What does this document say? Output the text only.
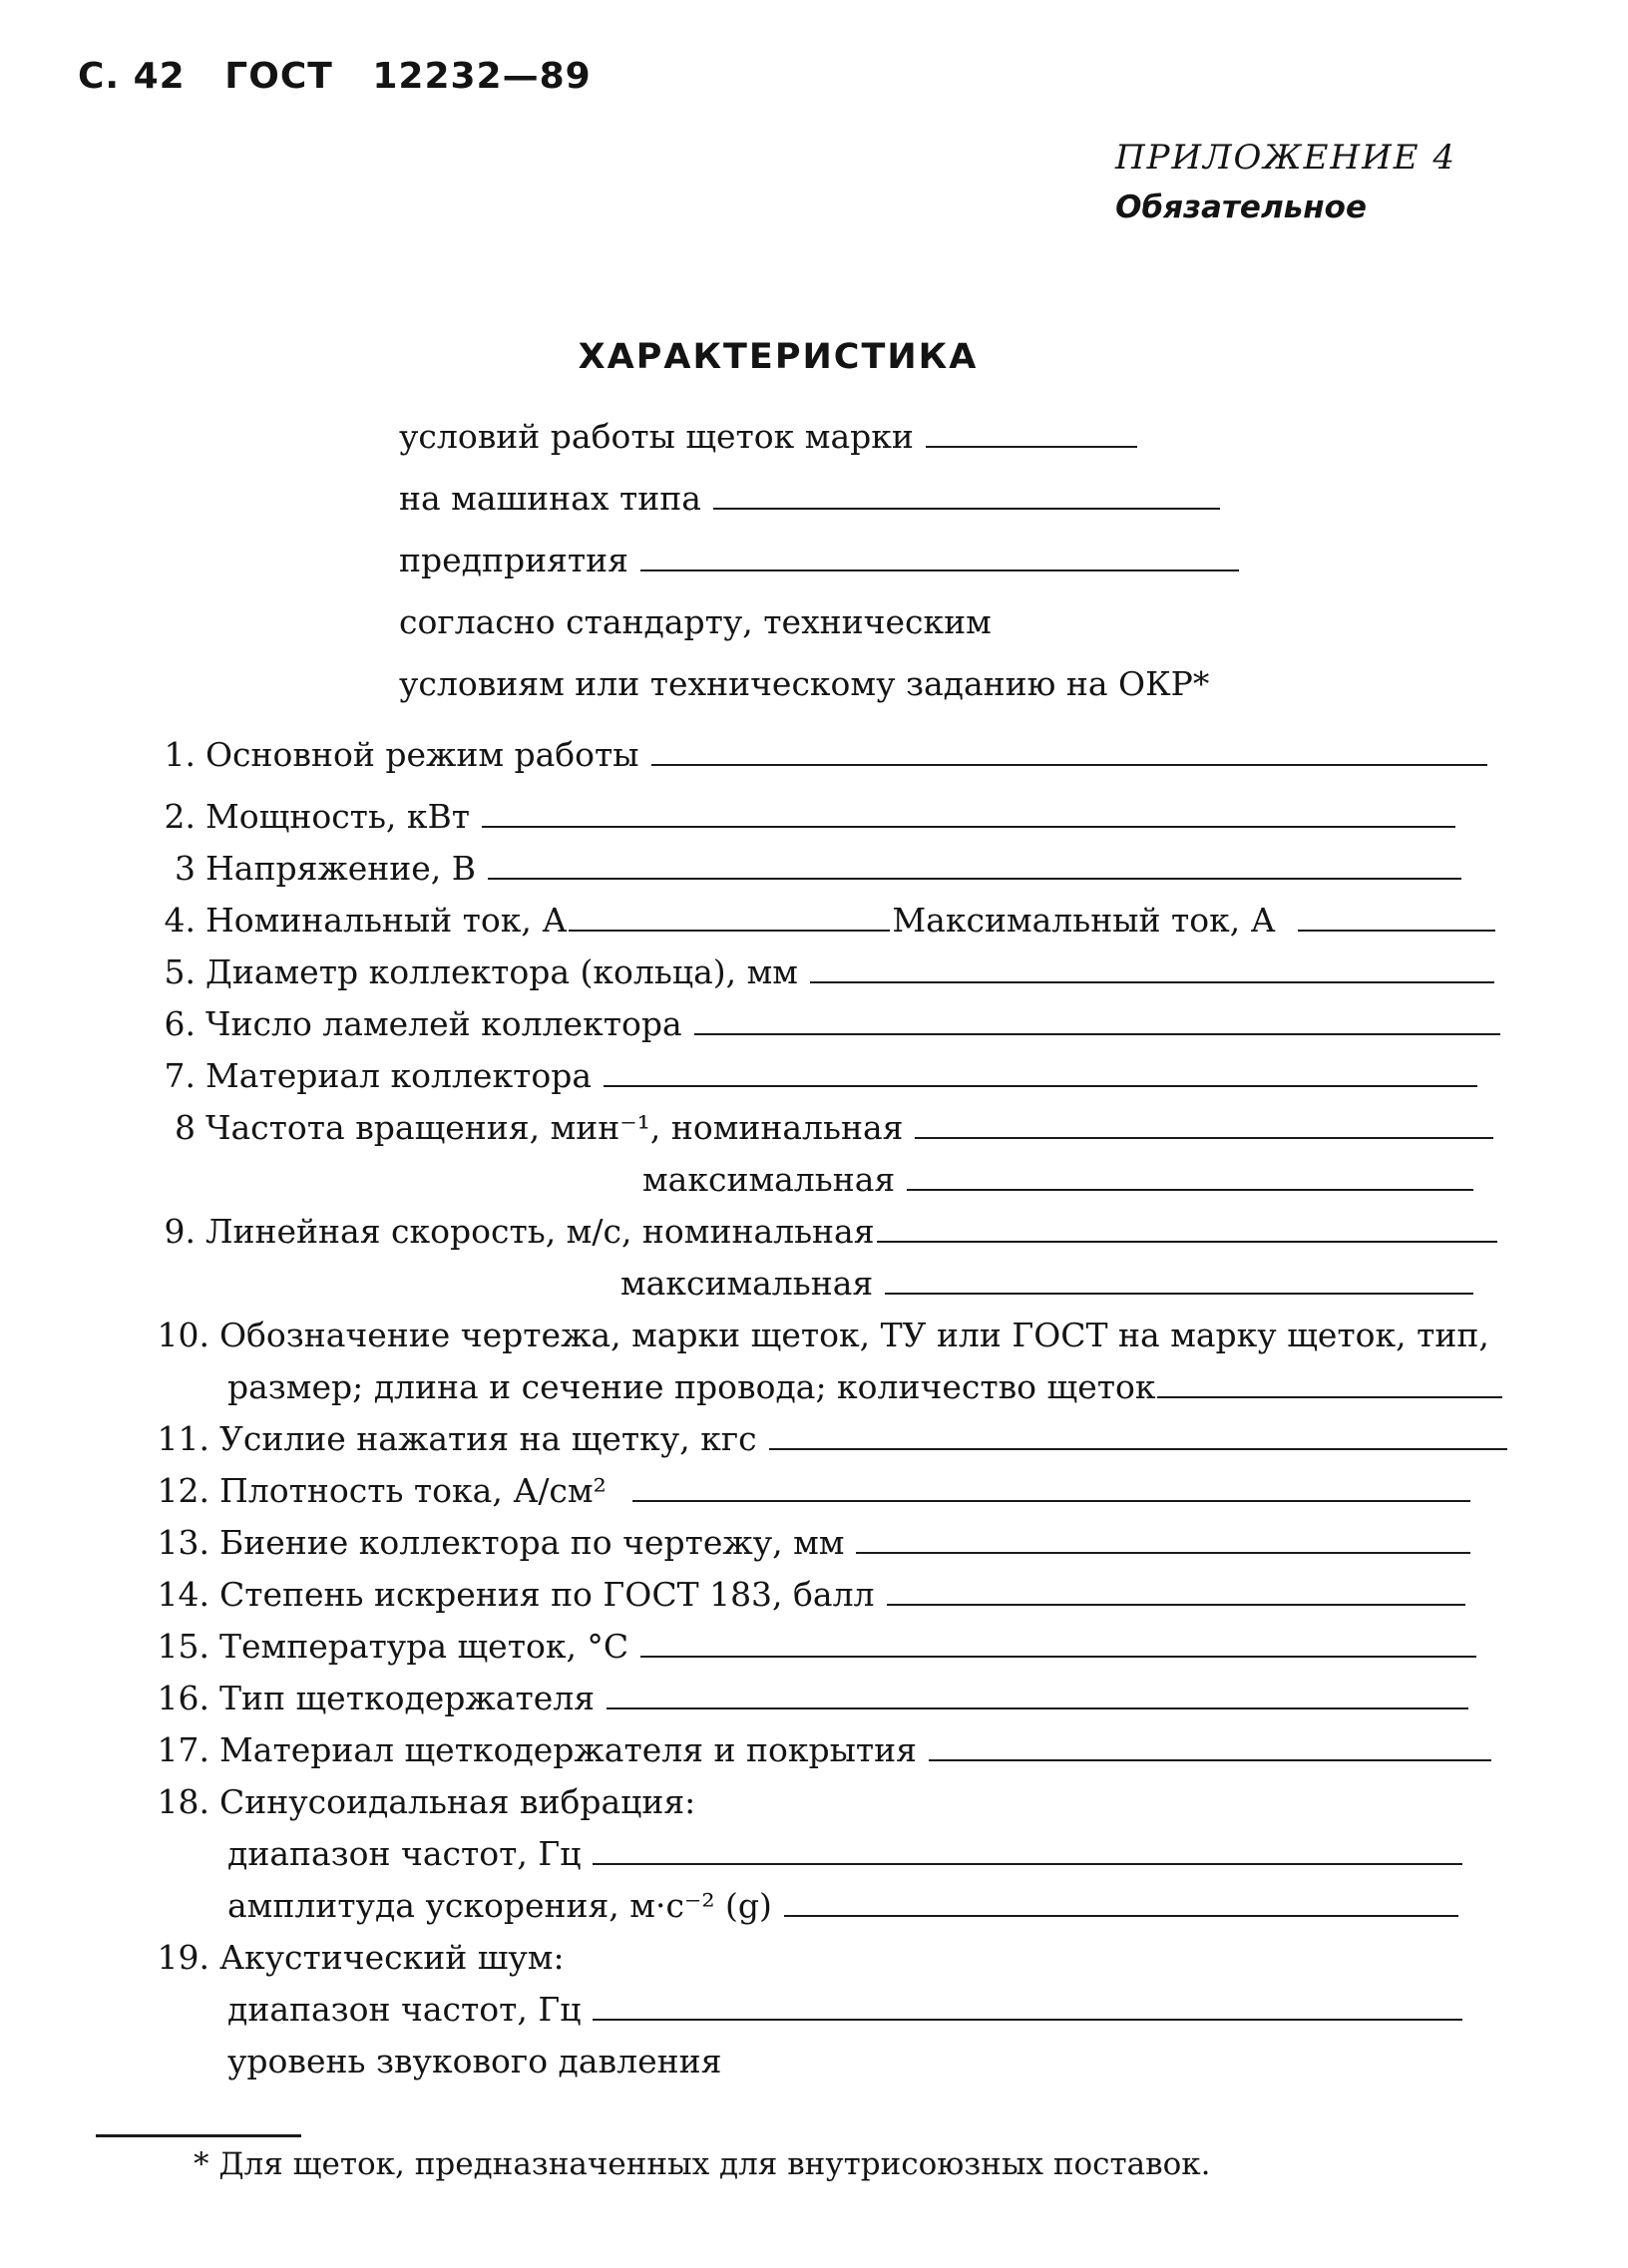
С. 42 ГОСТ 12232—89
ПРИЛОЖЕНИЕ 4
Обязательное
ХАРАКТЕРИСТИКА
условий работы щеток марки
на машинах типа
предприятия
согласно стандарту, техническим
условиям или техническому заданию на ОКР*
1. Основной режим работы
2. Мощность, кВт
3 Напряжение, В
4. Номинальный ток, А	Максимальный ток, А
5. Диаметр коллектора (кольца), мм
6. Число ламелей коллектора
7. Материал коллектора
8 Частота вращения, мин⁻¹, номинальная
максимальная
9. Линейная скорость, м/с, номинальная
максимальная
10. Обозначение чертежа, марки щеток, ТУ или ГОСТ на марку щеток, тип,
размер; длина и сечение провода; количество щеток
11. Усилие нажатия на щетку, кгс
12. Плотность тока, А/см²
13. Биение коллектора по чертежу, мм
14. Степень искрения по ГОСТ 183, балл
15. Температура щеток, °С
16. Тип щеткодержателя
17. Материал щеткодержателя и покрытия
18. Синусоидальная вибрация:
диапазон частот, Гц
амплитуда ускорения, м·с⁻² (g)
19. Акустический шум:
диапазон частот, Гц
уровень звукового давления
* Для щеток, предназначенных для внутрисоюзных поставок.
